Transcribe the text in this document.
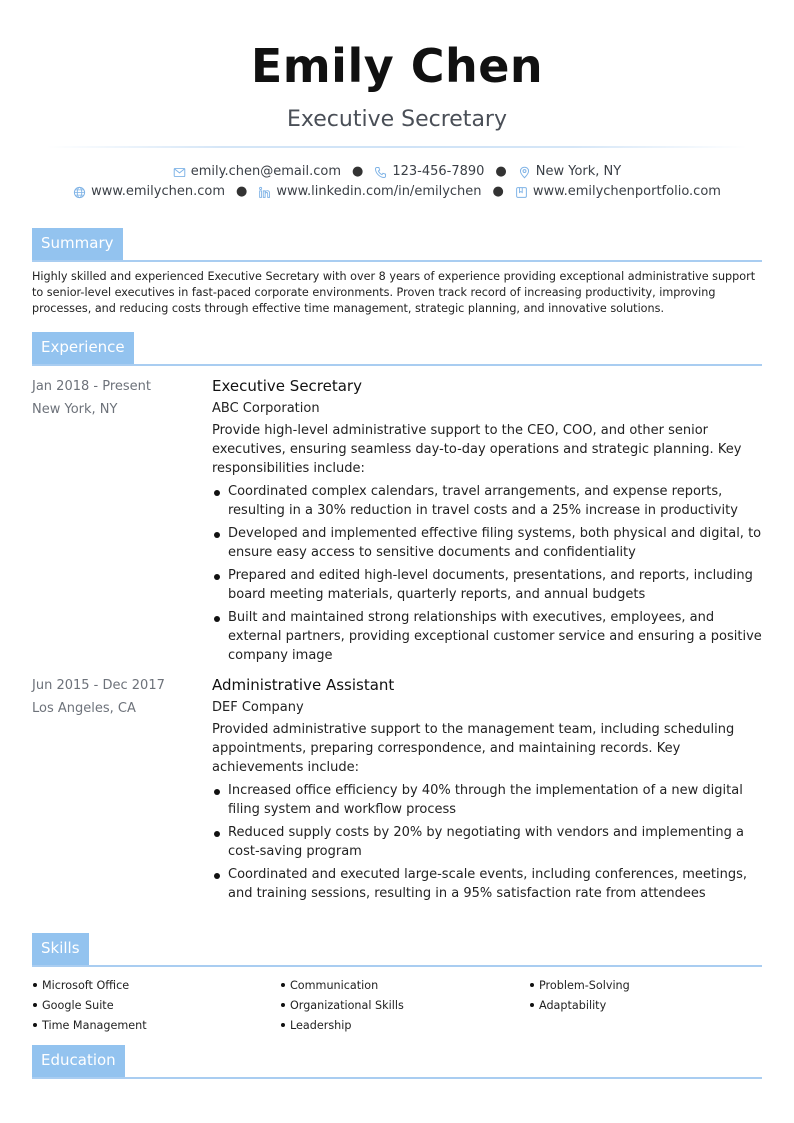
Emily Chen
Executive Secretary
emily.chen@email.com ● 123-456-7890 ● New York, NY
www.emilychen.com ● www.linkedin.com/in/emilychen ● www.emilychenportfolio.com
Summary
Highly skilled and experienced Executive Secretary with over 8 years of experience providing exceptional administrative support to senior-level executives in fast-paced corporate environments. Proven track record of increasing productivity, improving processes, and reducing costs through effective time management, strategic planning, and innovative solutions.
Experience
Jan 2018 - Present
New York, NY
Executive Secretary
ABC Corporation
Provide high-level administrative support to the CEO, COO, and other senior executives, ensuring seamless day-to-day operations and strategic planning. Key responsibilities include:
Coordinated complex calendars, travel arrangements, and expense reports, resulting in a 30% reduction in travel costs and a 25% increase in productivity
Developed and implemented effective filing systems, both physical and digital, to ensure easy access to sensitive documents and confidentiality
Prepared and edited high-level documents, presentations, and reports, including board meeting materials, quarterly reports, and annual budgets
Built and maintained strong relationships with executives, employees, and external partners, providing exceptional customer service and ensuring a positive company image
Jun 2015 - Dec 2017
Los Angeles, CA
Administrative Assistant
DEF Company
Provided administrative support to the management team, including scheduling appointments, preparing correspondence, and maintaining records. Key achievements include:
Increased office efficiency by 40% through the implementation of a new digital filing system and workflow process
Reduced supply costs by 20% by negotiating with vendors and implementing a cost-saving program
Coordinated and executed large-scale events, including conferences, meetings, and training sessions, resulting in a 95% satisfaction rate from attendees
Skills
Microsoft Office	Communication	Problem-Solving
Google Suite	Organizational Skills	Adaptability
Time Management	Leadership
Education
